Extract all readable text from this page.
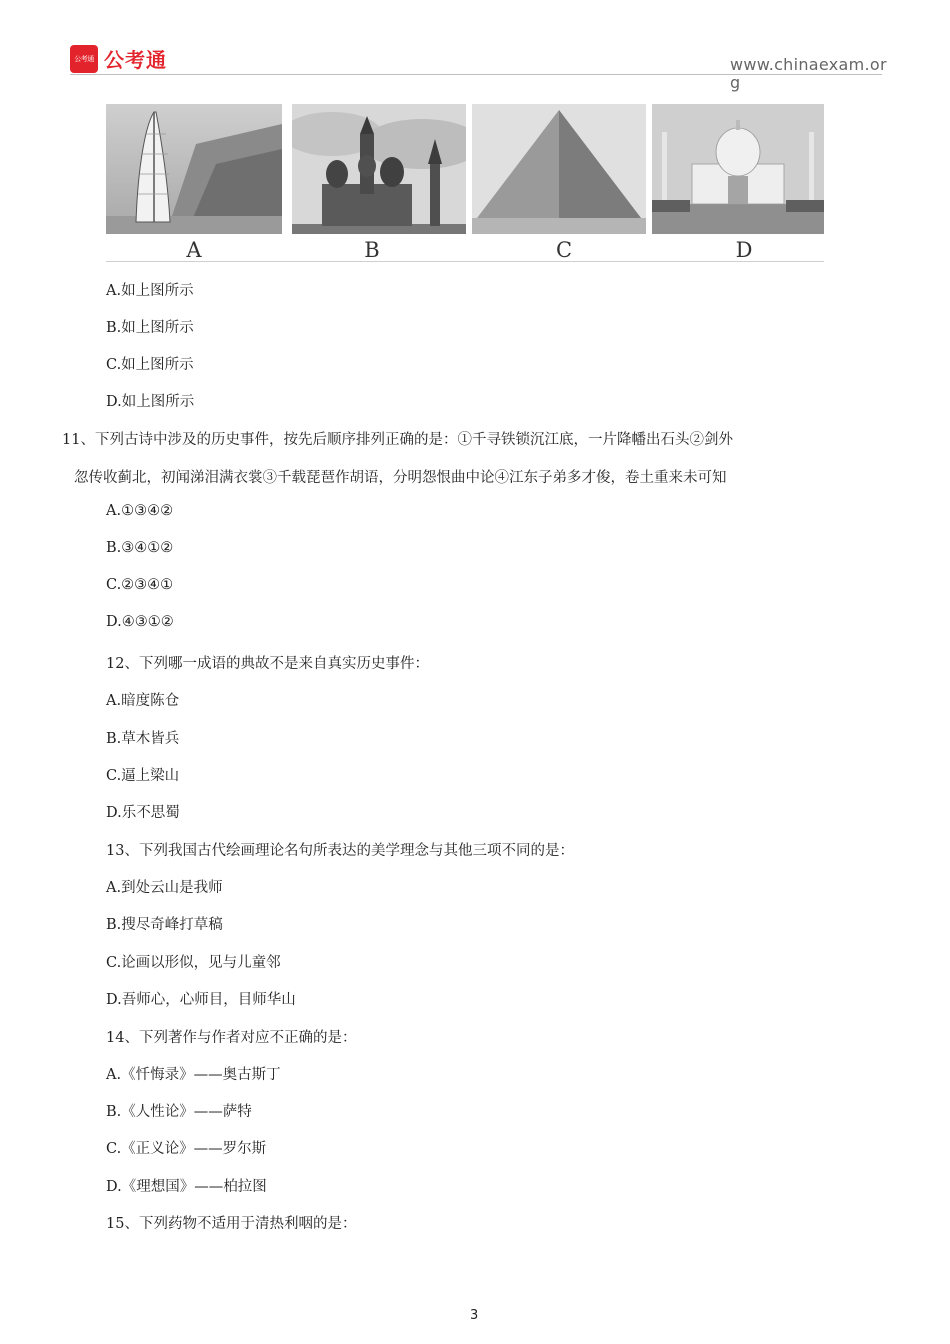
公考通 公考通	www.chinaexam.org
A	B	C	D
A.如上图所示
B.如上图所示
C.如上图所示
D.如上图所示
11、下列古诗中涉及的历史事件，按先后顺序排列正确的是：①千寻铁锁沉江底，一片降幡出石头②剑外
忽传收蓟北，初闻涕泪满衣裳③千载琵琶作胡语，分明怨恨曲中论④江东子弟多才俊，卷土重来未可知
A.①③④②
B.③④①②
C.②③④①
D.④③①②
12、下列哪一成语的典故不是来自真实历史事件：
A.暗度陈仓
B.草木皆兵
C.逼上梁山
D.乐不思蜀
13、下列我国古代绘画理论名句所表达的美学理念与其他三项不同的是：
A.到处云山是我师
B.搜尽奇峰打草稿
C.论画以形似，见与儿童邻
D.吾师心，心师目，目师华山
14、下列著作与作者对应不正确的是：
A.《忏悔录》——奥古斯丁
B.《人性论》——萨特
C.《正义论》——罗尔斯
D.《理想国》——柏拉图
15、下列药物不适用于清热利咽的是：
3
